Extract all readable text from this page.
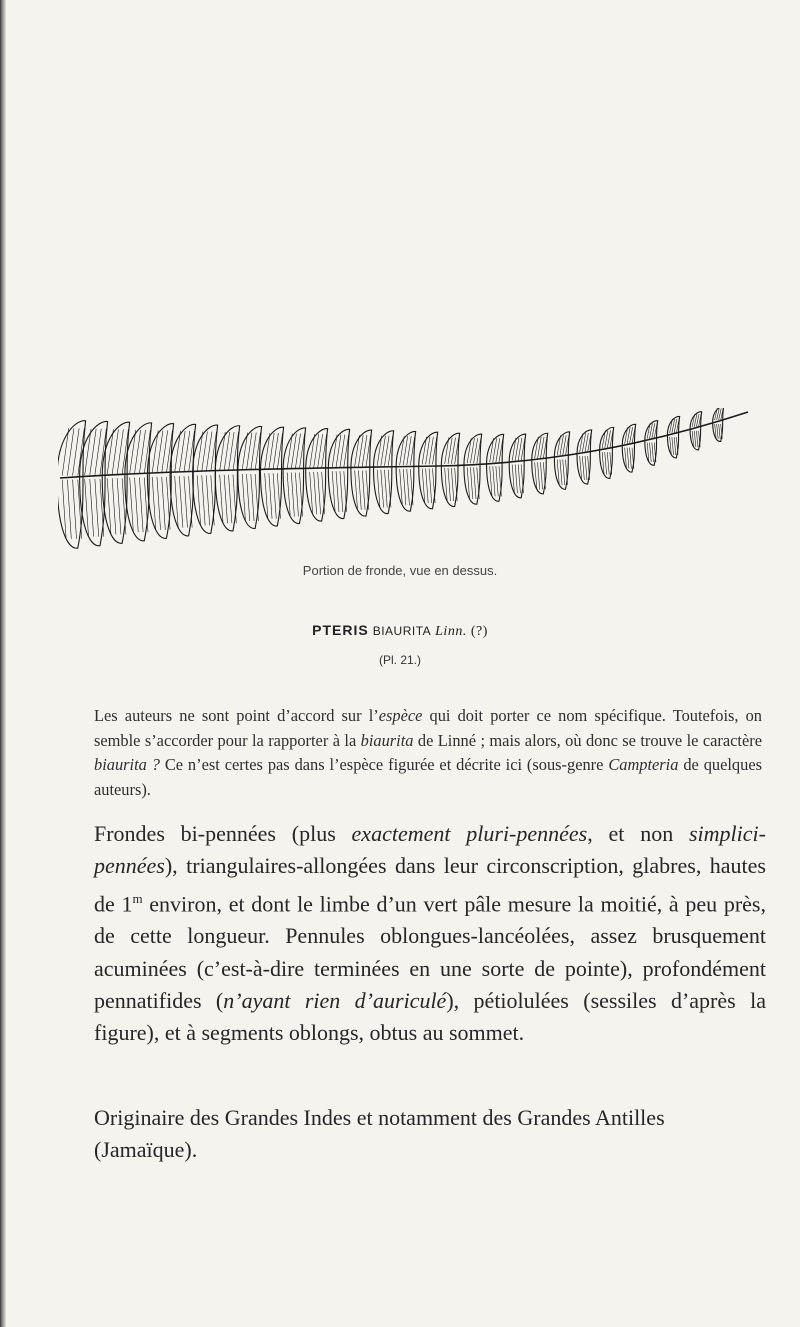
Portion de fronde, vue en dessus.
PTERIS BIAURITA Linn. (?)
(Pl. 21.)

Les auteurs ne sont point d’accord sur l’espèce qui doit porter ce nom spécifique. Toutefois, on semble s’accorder pour la rapporter à la biaurita de Linné ; mais alors, où donc se trouve le caractère biaurita ? Ce n’est certes pas dans l’espèce figurée et décrite ici (sous-genre Campteria de quelques auteurs).

Frondes bi-pennées (plus exactement pluri-pennées, et non simplici-pennées), triangulaires-allongées dans leur circonscription, glabres, hautes de 1$^m$ environ, et dont le limbe d’un vert pâle mesure la moitié, à peu près, de cette longueur. Pennules oblongues-lancéolées, assez brusquement acuminées (c’est-à-dire terminées en une sorte de pointe), profondément pennatifides (n’ayant rien d’auriculé), pétiolulées (sessiles d’après la figure), et à segments oblongs, obtus au sommet.

Originaire des Grandes Indes et notamment des Grandes Antilles (Jamaïque).
